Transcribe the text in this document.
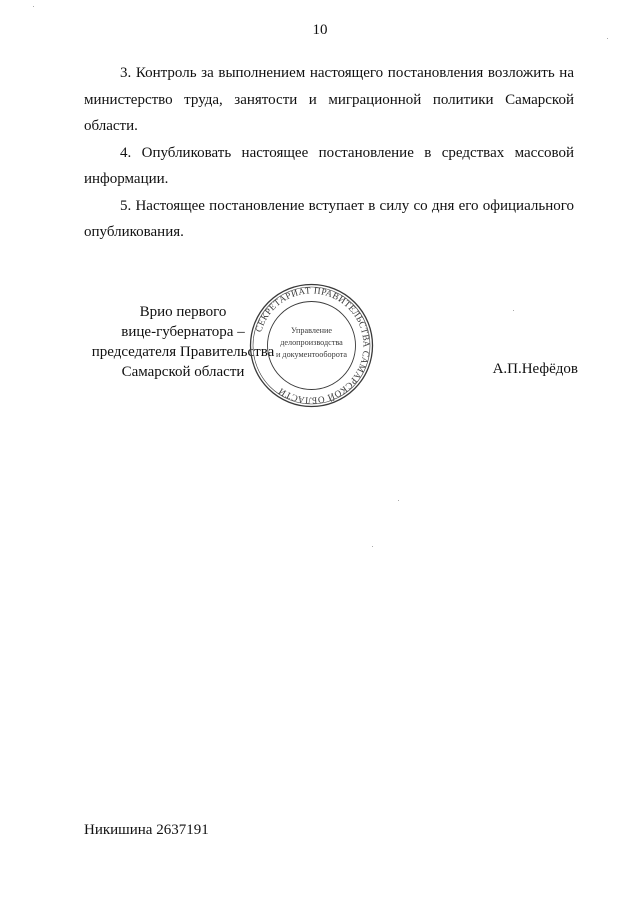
10

3. Контроль за выполнением настоящего постановления возложить на министерство труда, занятости и миграционной политики Самарской области.

4. Опубликовать настоящее постановление в средствах массовой информации.

5. Настоящее постановление вступает в силу со дня его официального опубликования.

Врио первого
вице-губернатора –
председателя Правительства
Самарской области
СЕКРЕТАРИАТ ПРАВИТЕЛЬСТВА САМАРСКОЙ ОБЛАСТИ
Управление
делопроизводства
и документооборота
А.П.Нефёдов
Никишина 2637191
